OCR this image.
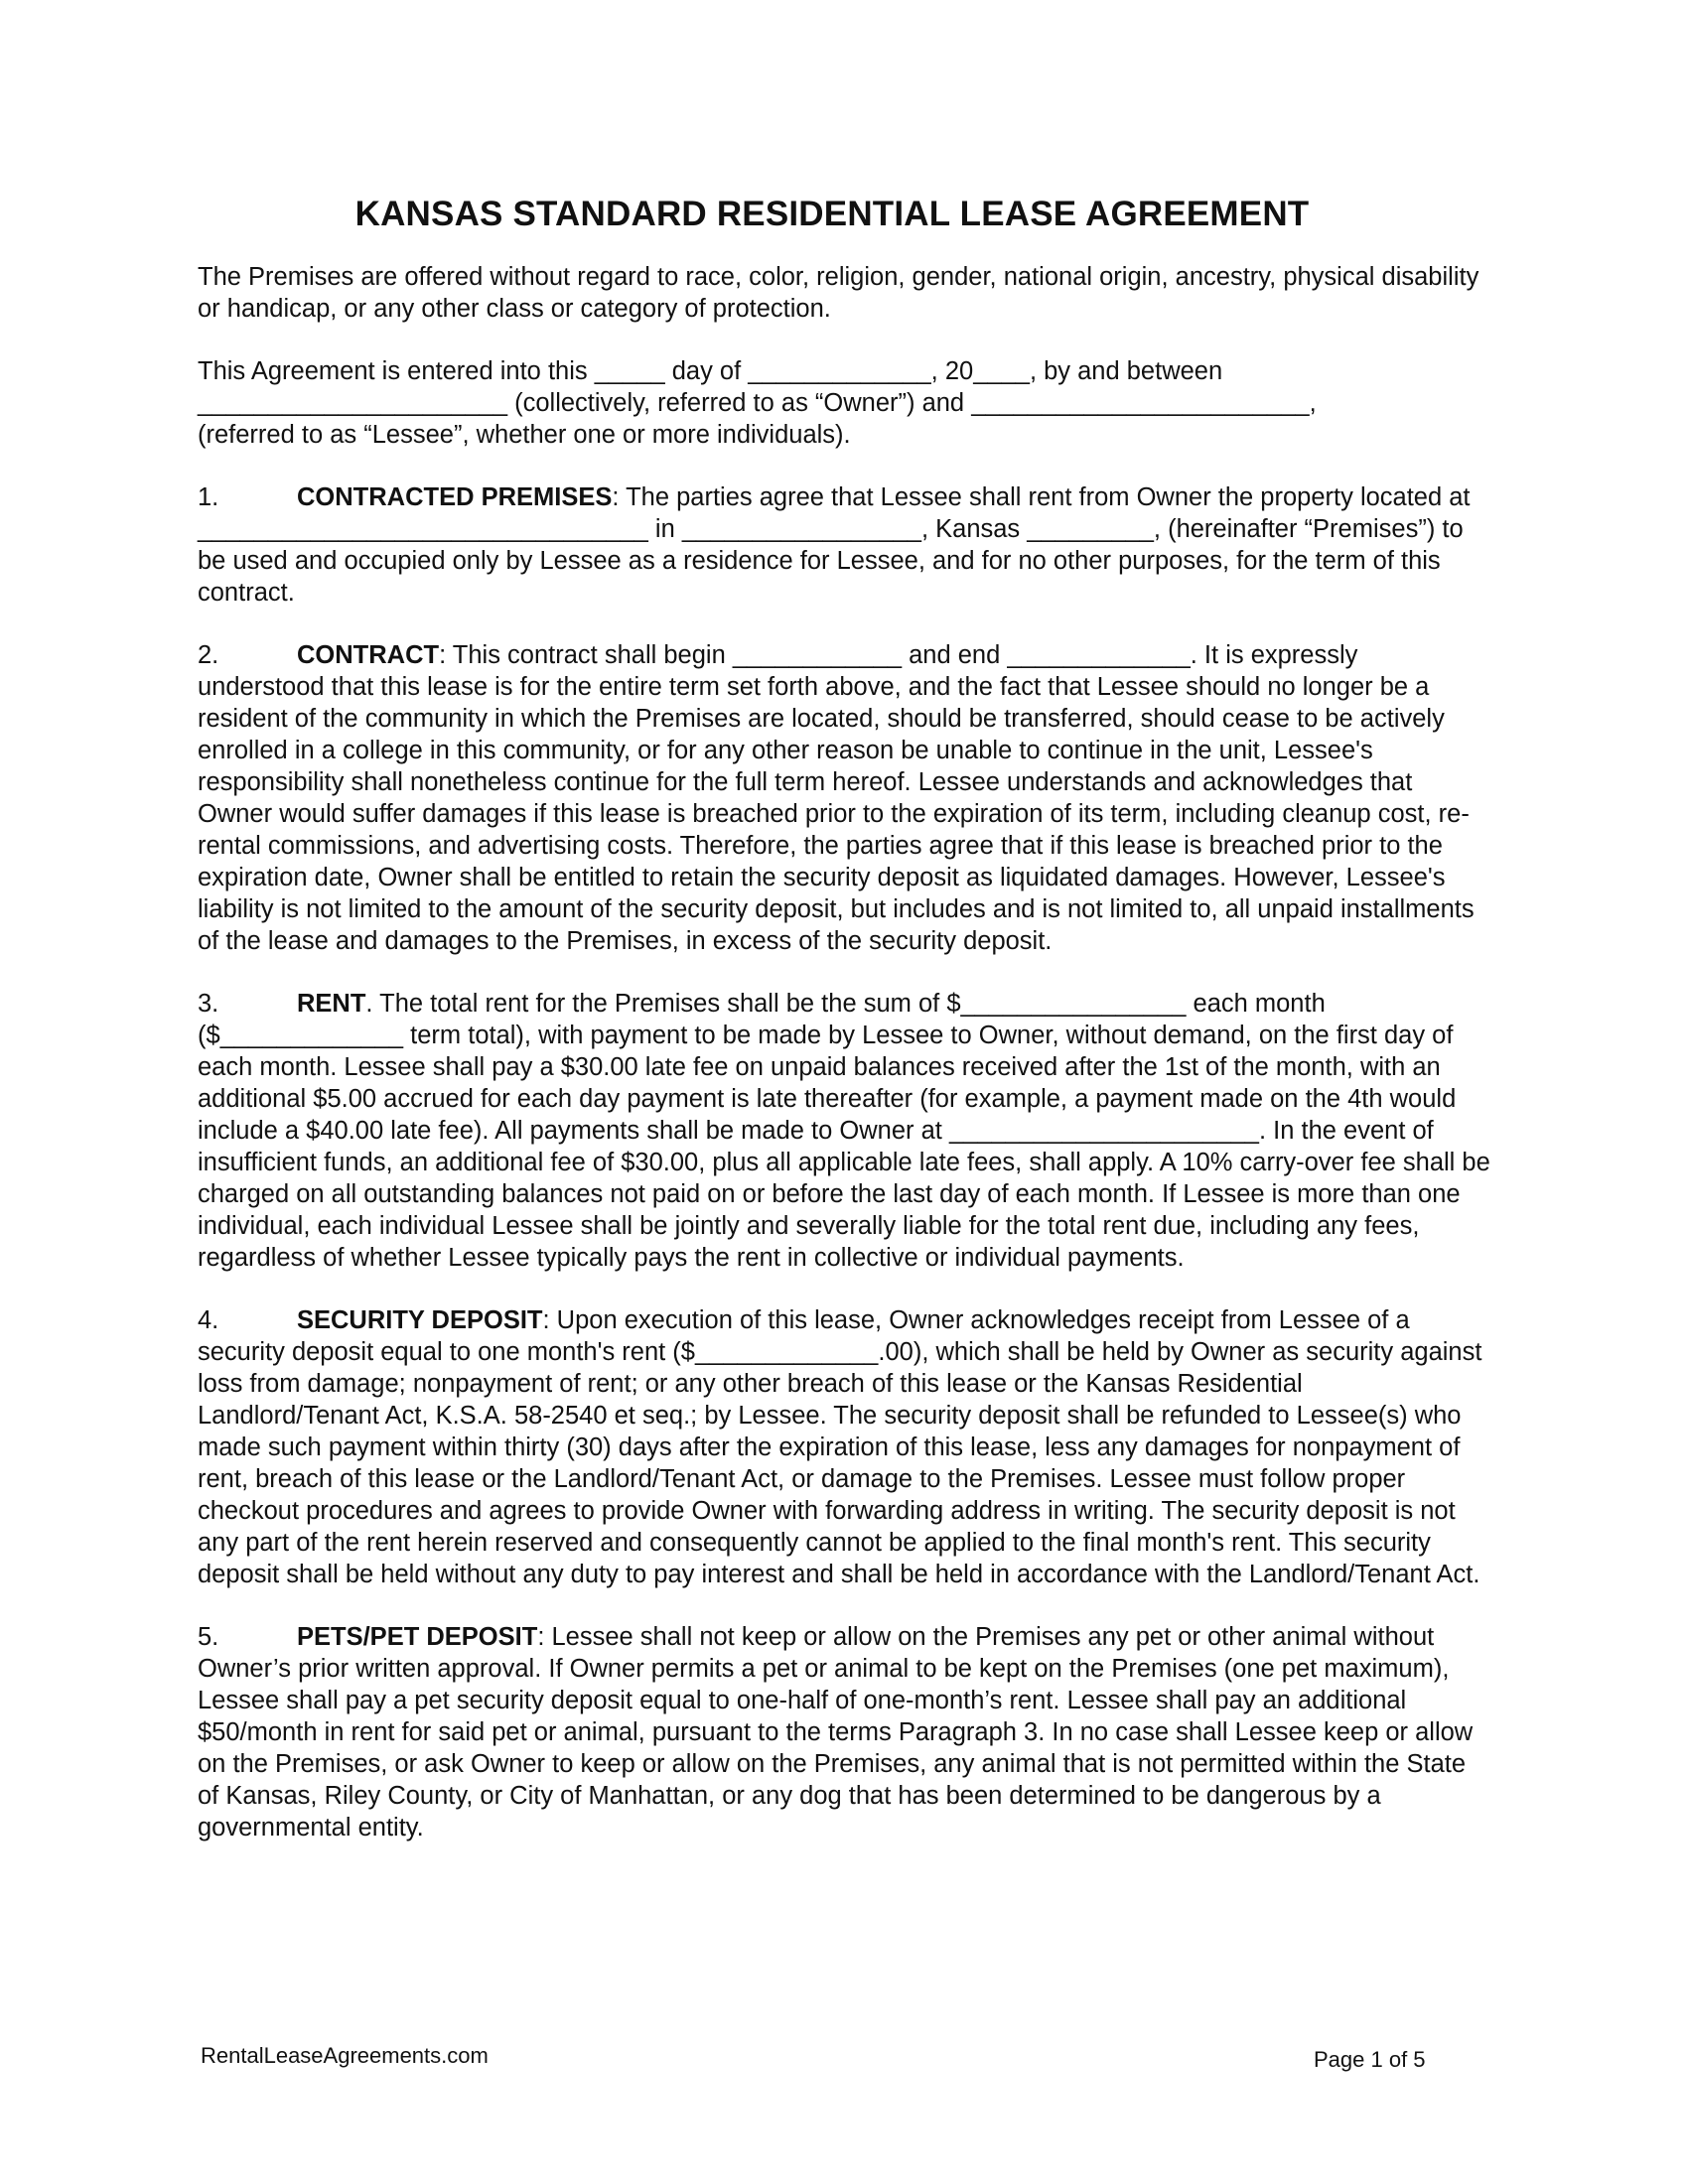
KANSAS STANDARD RESIDENTIAL LEASE AGREEMENT

The Premises are offered without regard to race, color, religion, gender, national origin, ancestry, physical disability or handicap, or any other class or category of protection.

This Agreement is entered into this _____ day of _____________, 20____, by and between
______________________ (collectively, referred to as “Owner”) and ________________________,
(referred to as “Lessee”, whether one or more individuals).

1.	CONTRACTED PREMISES: The parties agree that Lessee shall rent from Owner the property located at ________________________________ in _________________, Kansas _________, (hereinafter “Premises”) to be used and occupied only by Lessee as a residence for Lessee, and for no other purposes, for the term of this contract.

2.	CONTRACT: This contract shall begin ____________ and end _____________. It is expressly understood that this lease is for the entire term set forth above, and the fact that Lessee should no longer be a resident of the community in which the Premises are located, should be transferred, should cease to be actively enrolled in a college in this community, or for any other reason be unable to continue in the unit, Lessee's responsibility shall nonetheless continue for the full term hereof. Lessee understands and acknowledges that Owner would suffer damages if this lease is breached prior to the expiration of its term, including cleanup cost, re-rental commissions, and advertising costs. Therefore, the parties agree that if this lease is breached prior to the expiration date, Owner shall be entitled to retain the security deposit as liquidated damages. However, Lessee's liability is not limited to the amount of the security deposit, but includes and is not limited to, all unpaid installments of the lease and damages to the Premises, in excess of the security deposit.

3.	RENT. The total rent for the Premises shall be the sum of $________________ each month ($_____________ term total), with payment to be made by Lessee to Owner, without demand, on the first day of each month. Lessee shall pay a $30.00 late fee on unpaid balances received after the 1st of the month, with an additional $5.00 accrued for each day payment is late thereafter (for example, a payment made on the 4th would include a $40.00 late fee). All payments shall be made to Owner at ______________________. In the event of insufficient funds, an additional fee of $30.00, plus all applicable late fees, shall apply. A 10% carry-over fee shall be charged on all outstanding balances not paid on or before the last day of each month. If Lessee is more than one individual, each individual Lessee shall be jointly and severally liable for the total rent due, including any fees, regardless of whether Lessee typically pays the rent in collective or individual payments.

4.	SECURITY DEPOSIT: Upon execution of this lease, Owner acknowledges receipt from Lessee of a security deposit equal to one month's rent ($_____________.00), which shall be held by Owner as security against loss from damage; nonpayment of rent; or any other breach of this lease or the Kansas Residential Landlord/Tenant Act, K.S.A. 58-2540 et seq.; by Lessee. The security deposit shall be refunded to Lessee(s) who made such payment within thirty (30) days after the expiration of this lease, less any damages for nonpayment of rent, breach of this lease or the Landlord/Tenant Act, or damage to the Premises. Lessee must follow proper checkout procedures and agrees to provide Owner with forwarding address in writing. The security deposit is not any part of the rent herein reserved and consequently cannot be applied to the final month's rent. This security deposit shall be held without any duty to pay interest and shall be held in accordance with the Landlord/Tenant Act.

5.	PETS/PET DEPOSIT: Lessee shall not keep or allow on the Premises any pet or other animal without Owner’s prior written approval. If Owner permits a pet or animal to be kept on the Premises (one pet maximum), Lessee shall pay a pet security deposit equal to one-half of one-month’s rent. Lessee shall pay an additional $50/month in rent for said pet or animal, pursuant to the terms Paragraph 3. In no case shall Lessee keep or allow on the Premises, or ask Owner to keep or allow on the Premises, any animal that is not permitted within the State of Kansas, Riley County, or City of Manhattan, or any dog that has been determined to be dangerous by a governmental entity.

RentalLeaseAgreements.com	Page 1 of 5
